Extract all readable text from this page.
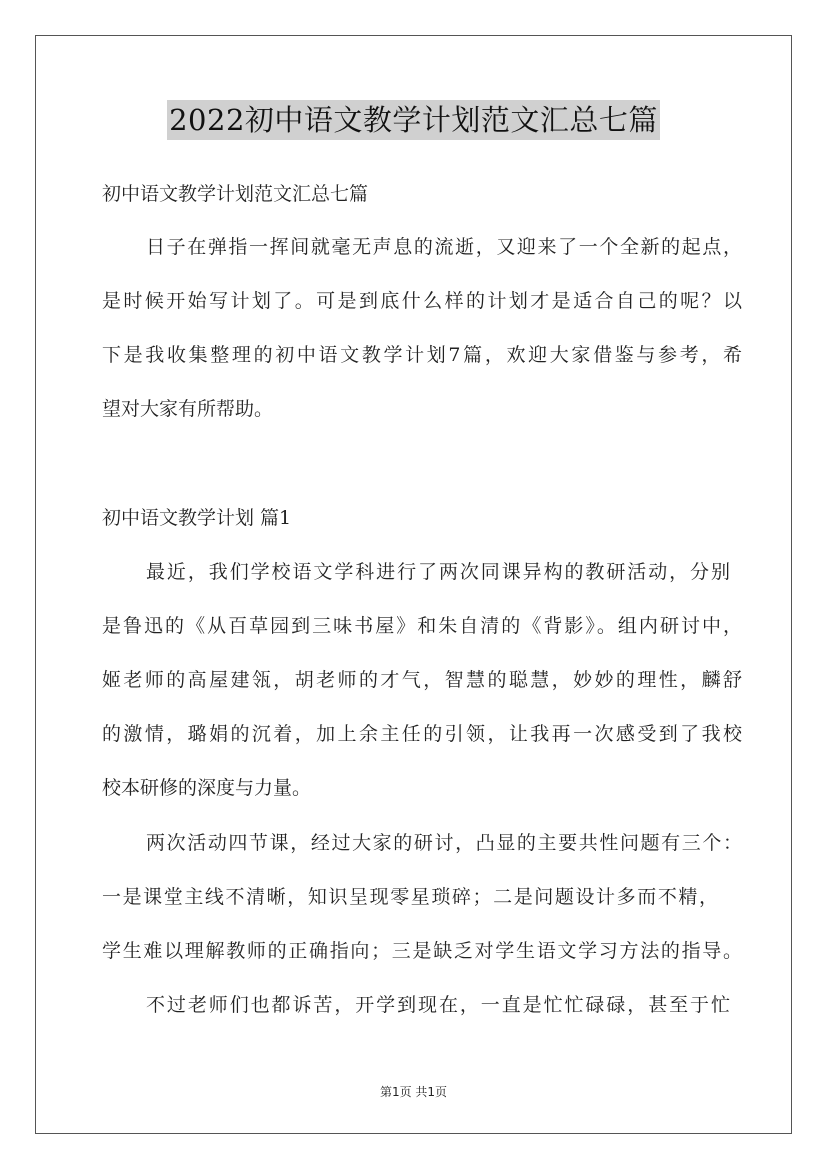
2022初中语文教学计划范文汇总七篇
初中语文教学计划范文汇总七篇
日子在弹指一挥间就毫无声息的流逝，又迎来了一个全新的起点，
是时候开始写计划了。可是到底什么样的计划才是适合自己的呢？以
下是我收集整理的初中语文教学计划7篇，欢迎大家借鉴与参考，希
望对大家有所帮助。
初中语文教学计划 篇1
最近，我们学校语文学科进行了两次同课异构的教研活动，分别
是鲁迅的《从百草园到三味书屋》和朱自清的《背影》。组内研讨中，
姬老师的高屋建瓴，胡老师的才气，智慧的聪慧，妙妙的理性，麟舒
的激情，璐娟的沉着，加上余主任的引领，让我再一次感受到了我校
校本研修的深度与力量。
两次活动四节课，经过大家的研讨，凸显的主要共性问题有三个：
一是课堂主线不清晰，知识呈现零星琐碎；二是问题设计多而不精，
学生难以理解教师的正确指向；三是缺乏对学生语文学习方法的指导。
不过老师们也都诉苦，开学到现在，一直是忙忙碌碌，甚至于忙
第1页 共1页
